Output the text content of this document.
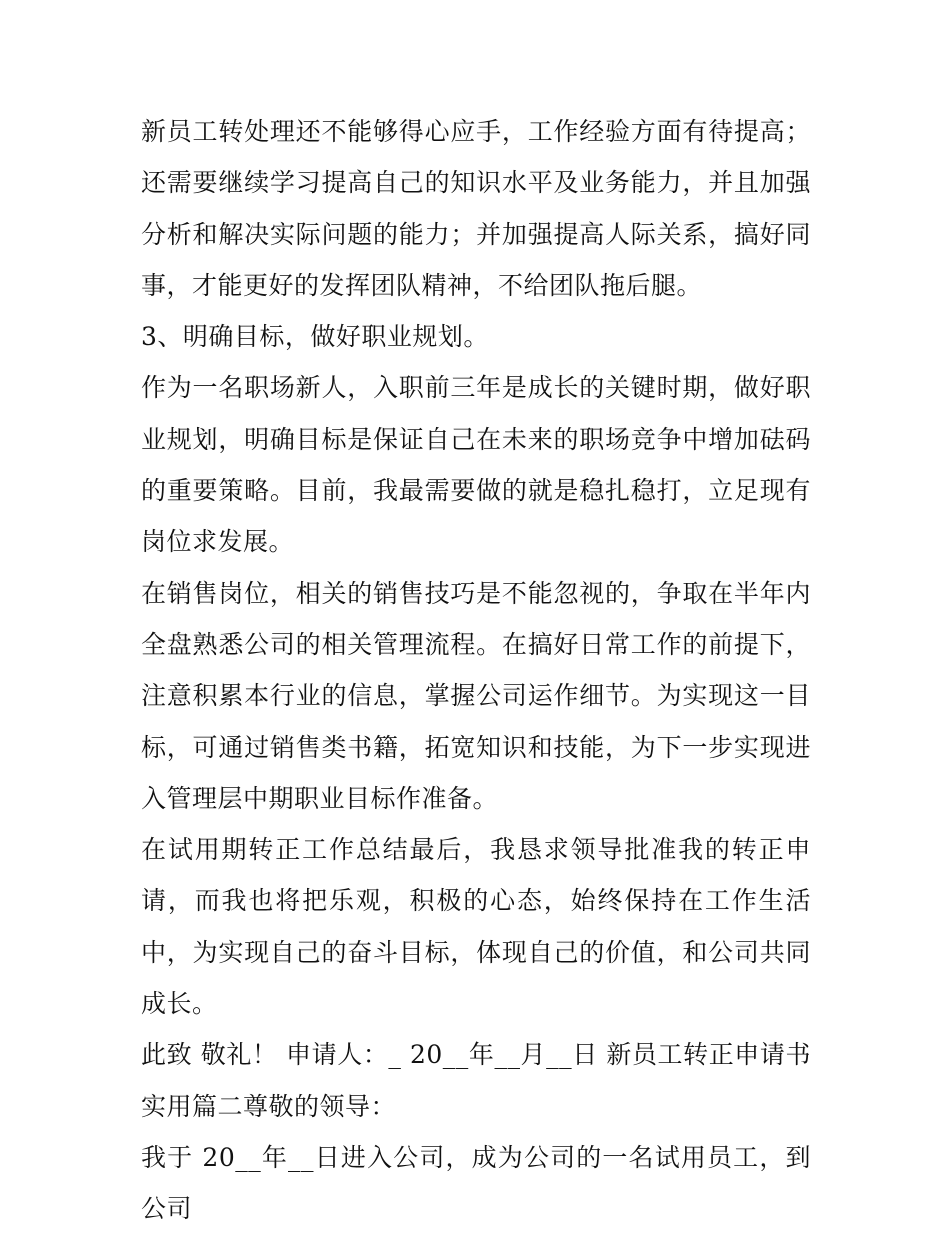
新员工转处理还不能够得心应手，工作经验方面有待提高；还需要继续学习提高自己的知识水平及业务能力，并且加强分析和解决实际问题的能力；并加强提高人际关系，搞好同事，才能更好的发挥团队精神，不给团队拖后腿。

3、明确目标，做好职业规划。

作为一名职场新人，入职前三年是成长的关键时期，做好职业规划，明确目标是保证自己在未来的职场竞争中增加砝码的重要策略。目前，我最需要做的就是稳扎稳打，立足现有岗位求发展。

在销售岗位，相关的销售技巧是不能忽视的，争取在半年内全盘熟悉公司的相关管理流程。在搞好日常工作的前提下，注意积累本行业的信息，掌握公司运作细节。为实现这一目标，可通过销售类书籍，拓宽知识和技能，为下一步实现进入管理层中期职业目标作准备。

在试用期转正工作总结最后，我恳求领导批准我的转正申请，而我也将把乐观，积极的心态，始终保持在工作生活中，为实现自己的奋斗目标，体现自己的价值，和公司共同成长。

此致 敬礼！ 申请人：_ 20__年__月__日 新员工转正申请书实用篇二尊敬的领导：

我于 20__年__日进入公司，成为公司的一名试用员工，到公司
